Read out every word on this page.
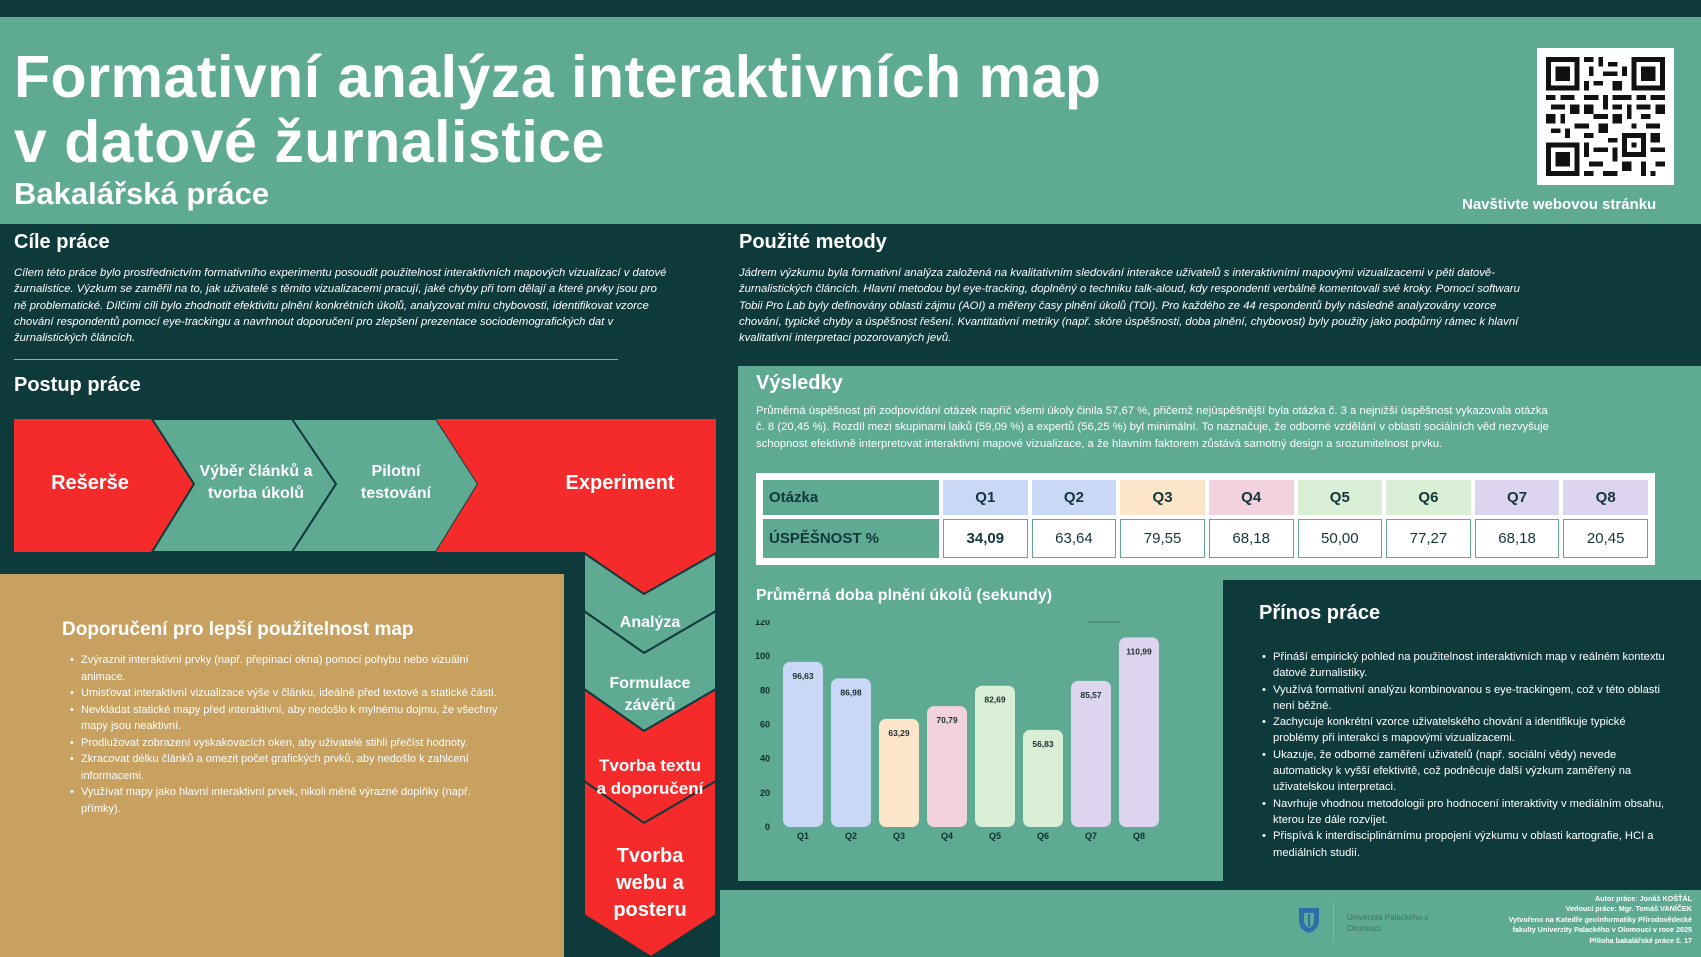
Formativní analýza interaktivních map
v datové žurnalistice
Bakalářská práce	Navštivte webovou stránku
Cíle práce
Cílem této práce bylo prostřednictvím formativního experimentu posoudit použitelnost interaktivních mapových vizualizací v datové žurnalistice. Výzkum se zaměřil na to, jak uživatelé s těmito vizualizacemi pracují, jaké chyby při tom dělají a které prvky jsou pro ně problematické. Dílčími cíli bylo zhodnotit efektivitu plnění konkrétních úkolů, analyzovat míru chybovosti, identifikovat vzorce chování respondentů pomocí eye-trackingu a navrhnout doporučení pro zlepšení prezentace sociodemografických dat v žurnalistických článcích.
Použité metody
Jádrem výzkumu byla formativní analýza založená na kvalitativním sledování interakce uživatelů s interaktivními mapovými vizualizacemi v pěti datově-žurnalistických článcích. Hlavní metodou byl eye-tracking, doplněný o techniku talk-aloud, kdy respondenti verbálně komentovali své kroky. Pomocí softwaru Tobii Pro Lab byly definovány oblasti zájmu (AOI) a měřeny časy plnění úkolů (TOI). Pro každého ze 44 respondentů byly následně analyzovány vzorce chování, typické chyby a úspěšnost řešení. Kvantitativní metriky (např. skóre úspěšnosti, doba plnění, chybovost) byly použity jako podpůrný rámec k hlavní kvalitativní interpretaci pozorovaných jevů.
Postup práce
Doporučení pro lepší použitelnost map
• Zvýraznit interaktivní prvky (např. přepínací okna) pomocí pohybu nebo vizuální animace.
• Umisťovat interaktivní vizualizace výše v článku, ideálně před textové a statické části.
• Nevkládat statické mapy před interaktivní, aby nedošlo k mylnému dojmu, že všechny mapy jsou neaktivní.
• Prodlužovat zobrazení vyskakovacích oken, aby uživatelé stihli přečíst hodnoty.
• Zkracovat délku článků a omezit počet grafických prvků, aby nedošlo k zahlcení informacemi.
• Využívat mapy jako hlavní interaktivní prvek, nikoli méně výrazné doplňky (např. přímky).
Rešerše	Výběr článků a tvorba úkolů
Pilotní testování	Experiment
Analýza
Formulace závěrů
Tvorba textu a doporučení
Tvorba webu a posteru
Výsledky
Průměrná úspěšnost při zodpovídání otázek napříč všemi úkoly činila 57,67 %, přičemž nejúspěšnější byla otázka č. 3 a nejnižší úspěšnost vykazovala otázka č. 8 (20,45 %). Rozdíl mezi skupinami laiků (59,09 %) a expertů (56,25 %) byl minimální. To naznačuje, že odborné vzdělání v oblasti sociálních věd nezvyšuje schopnost efektivně interpretovat interaktivní mapové vizualizace, a že hlavním faktorem zůstává samotný design a srozumitelnost prvku.
Otázka	Q1	Q2	Q3	Q4	Q5	Q6	Q7	Q8
ÚSPĚŠNOST %	34,09	63,64	79,55	68,18	50,00	77,27	68,18	20,45
Průměrná doba plnění úkolů (sekundy)
0
20
40
60
80
100
120
96,63
Q1
86,98
Q2
63,29
Q3
70,79
Q4
82,69
Q5
56,83
Q6
85,57
Q7
110,99
Q8
Přínos práce
• Přináší empirický pohled na použitelnost interaktivních map v reálném kontextu datové žurnalistiky.
• Využívá formativní analýzu kombinovanou s eye-trackingem, což v této oblasti není běžné.
• Zachycuje konkrétní vzorce uživatelského chování a identifikuje typické problémy při interakci s mapovými vizualizacemi.
• Ukazuje, že odborné zaměření uživatelů (např. sociální vědy) nevede automaticky k vyšší efektivitě, což podněcuje další výzkum zaměřený na uživatelskou interpretaci.
• Navrhuje vhodnou metodologii pro hodnocení interaktivity v mediálním obsahu, kterou lze dále rozvíjet.
• Přispívá k interdisciplinárnímu propojení výzkumu v oblasti kartografie, HCI a mediálních studií.
Univerzita Palackého v Olomouci
Autor práce: Jonáš KOŠŤÁL
Vedoucí práce: Mgr. Tomáš VANÍČEK
Vytvořeno na Katedře geoinformatiky Přírodovědecké
fakulty Univerzity Palackého v Olomouci v roce 2025
Příloha bakalářské práce č. 17
